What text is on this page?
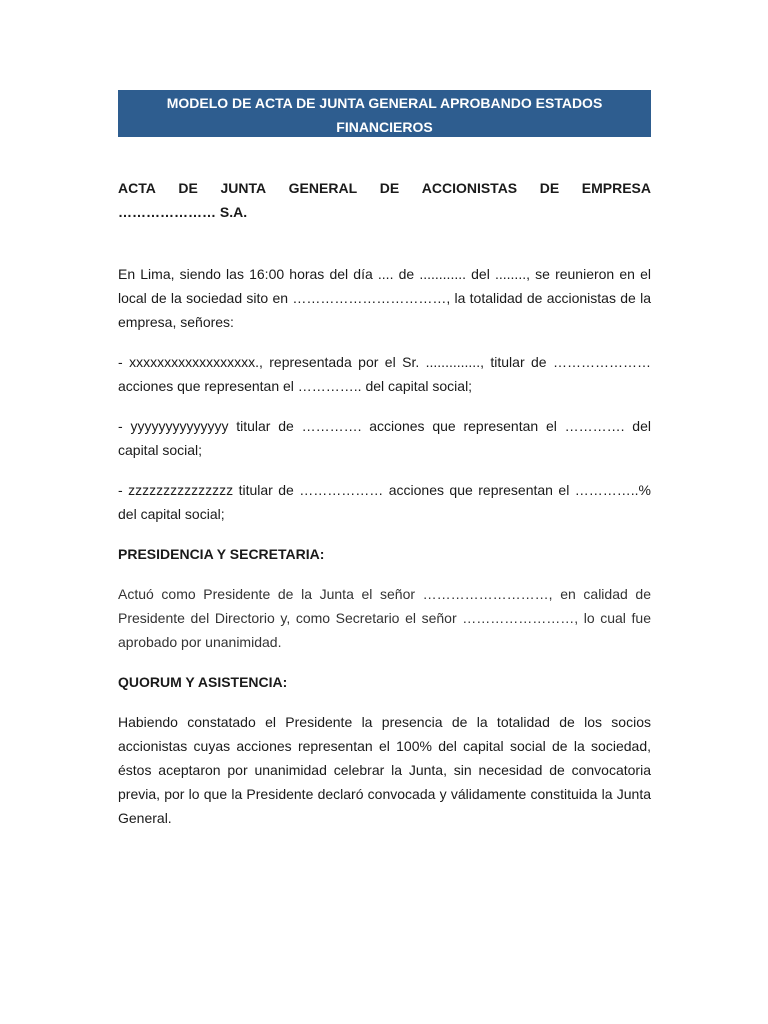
MODELO DE ACTA DE JUNTA GENERAL APROBANDO ESTADOS
FINANCIEROS
ACTA DE JUNTA GENERAL DE ACCIONISTAS DE EMPRESA
………………… S.A.
En Lima, siendo las 16:00 horas del día .... de ............ del ........, se reunieron en el
local de la sociedad sito en ……………………………, la totalidad de accionistas de la
empresa, señores:
- xxxxxxxxxxxxxxxxxx., representada por el Sr. .............., titular de …………………
acciones que representan el ………….. del capital social;
- yyyyyyyyyyyyyy titular de …………. acciones que representan el …………. del
capital social;
- zzzzzzzzzzzzzzz titular de ……………… acciones que representan el …………..%
del capital social;
PRESIDENCIA Y SECRETARIA:
Actuó como Presidente de la Junta el señor ………………………, en calidad de
Presidente del Directorio y, como Secretario el señor ……………………, lo cual fue
aprobado por unanimidad.
QUORUM Y ASISTENCIA:
Habiendo constatado el Presidente la presencia de la totalidad de los socios
accionistas cuyas acciones representan el 100% del capital social de la sociedad,
éstos aceptaron por unanimidad celebrar la Junta, sin necesidad de convocatoria
previa, por lo que la Presidente declaró convocada y válidamente constituida la Junta
General.
